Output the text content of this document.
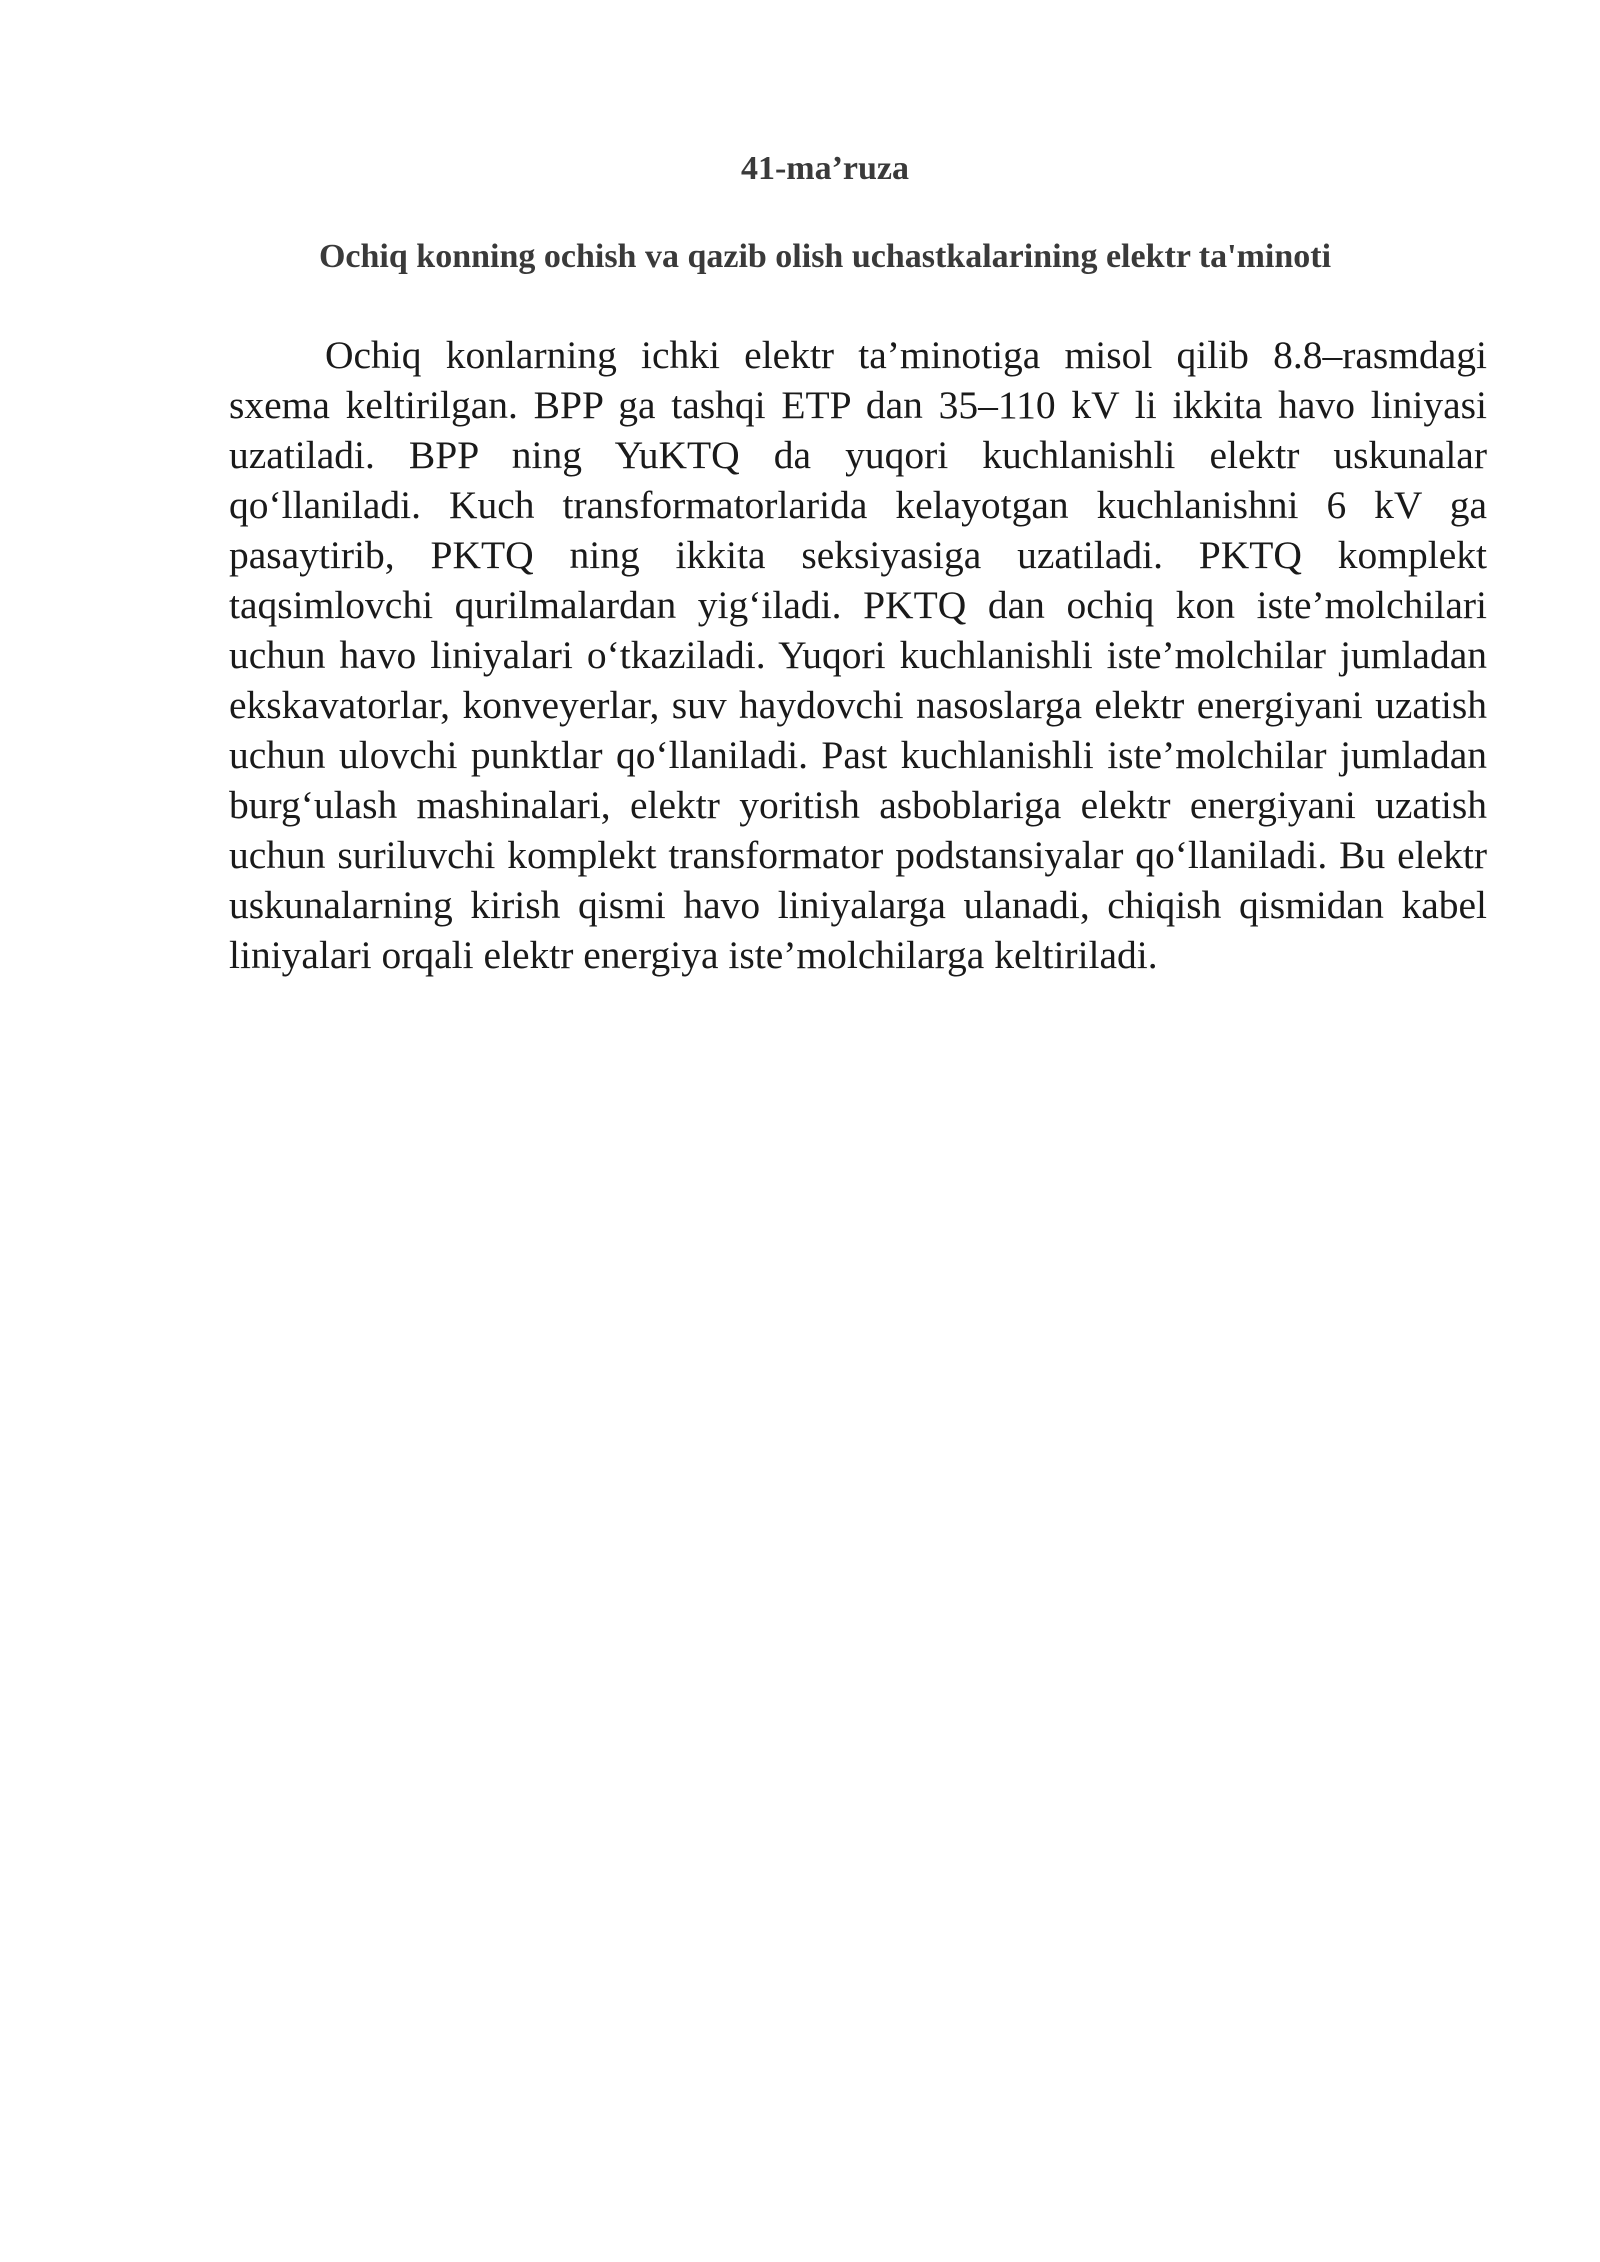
41-ma’ruza
Ochiq konning ochish va qazib olish uchastkalarining elektr ta'minoti

Ochiq konlarning ichki elektr ta’minotiga misol qilib 8.8–rasmdagi sxema keltirilgan. BPP ga tashqi ETP dan 35–110 kV li ikkita havo liniyasi uzatiladi. BPP ning YuKTQ da yuqori kuchlanishli elektr uskunalar qo‘llaniladi. Kuch transformatorlarida kelayotgan kuchlanishni 6 kV ga pasaytirib, PKTQ ning ikkita seksiyasiga uzatiladi. PKTQ komplekt taqsimlovchi qurilmalardan yig‘iladi. PKTQ dan ochiq kon iste’molchilari uchun havo liniyalari o‘tkaziladi. Yuqori kuchlanishli iste’molchilar jumladan ekskavatorlar, konveyerlar, suv haydovchi nasoslarga elektr energiyani uzatish uchun ulovchi punktlar qo‘llaniladi. Past kuchlanishli iste’molchilar jumladan burg‘ulash mashinalari, elektr yoritish asboblariga elektr energiyani uzatish uchun suriluvchi komplekt transformator podstansiyalar qo‘llaniladi. Bu elektr uskunalarning kirish qismi havo liniyalarga ulanadi, chiqish qismidan kabel liniyalari orqali elektr energiya iste’molchilarga keltiriladi.
